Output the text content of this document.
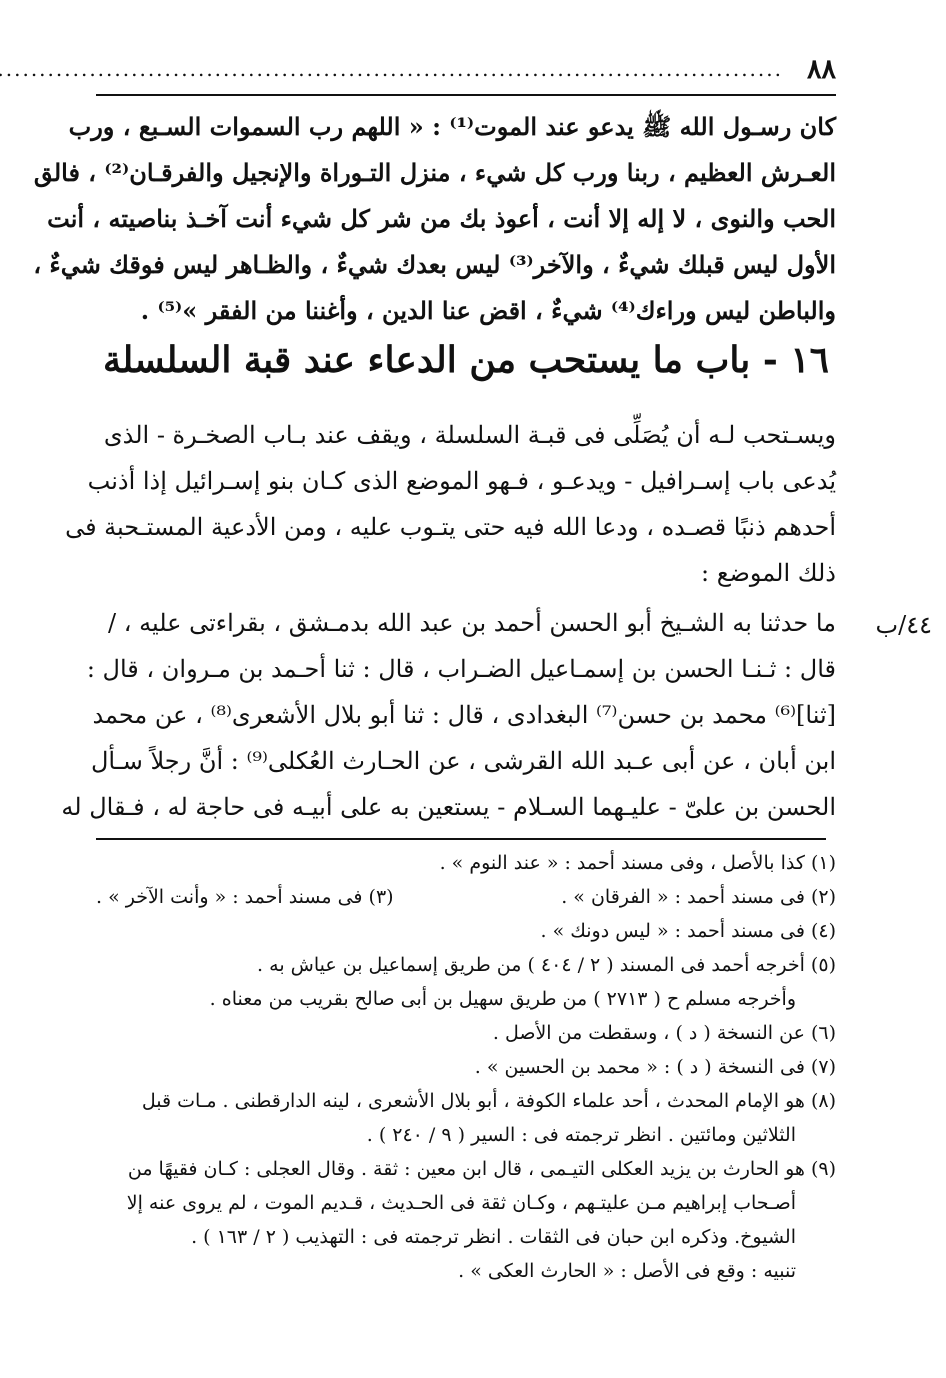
٨٨
.....
كان رسـول الله ﷺ يدعو عند الموت⁽¹⁾ : « اللهم رب السموات السـبع ، ورب
العـرش العظيم ، ربنا ورب كل شيء ، منزل التـوراة والإنجيل والفرقـان⁽²⁾ ، فالق
الحب والنوى ، لا إله إلا أنت ، أعوذ بك من شر كل شيء أنت آخـذ بناصيته ، أنت
الأول ليس قبلك شيءٌ ، والآخر⁽³⁾ ليس بعدك شيءٌ ، والظـاهر ليس فوقك شيءٌ ،
والباطن ليس وراءك⁽⁴⁾ شيءٌ ، اقض عنا الدين ، وأغننا من الفقر »⁽⁵⁾ .
١٦ - باب ما يستحب من الدعاء عند قبة السلسلة
ويسـتحب لـه أن يُصَلِّى فى قبـة السلسلة ، ويقف عند بـاب الصخـرة - الذى
يُدعى باب إسـرافيل - ويدعـو ، فـهو الموضع الذى كـان بنو إسـرائيل إذا أذنب
أحدهم ذنبًا قصـده ، ودعا الله فيه حتى يتـوب عليه ، ومن الأدعية المستـحبة فى
ذلك الموضع :
٤٤/ب
ما حدثنا به الشـيخ أبو الحسن أحمد بن عبد الله بدمـشق ، بقراءتى عليه ، /
قال : ثـنـا الحسن بن إسمـاعيل الضـراب ، قال : ثنا أحـمد بن مـروان ، قال :
[ثنا]⁽⁶⁾ محمد بن حسن⁽⁷⁾ البغدادى ، قال : ثنا أبو بلال الأشعرى⁽⁸⁾ ، عن محمد
ابن أبان ، عن أبى عـبد الله القرشى ، عن الحـارث العُكلى⁽⁹⁾ : أنَّ رجلاً سـأل
الحسن بن علىّ - عليـهما السـلام - يستعين به على أبيـه فى حاجة له ، فـقال له
(١) كذا بالأصل ، وفى مسند أحمد : « عند النوم » .
(٢) فى مسند أحمد : « الفرقان » .
(٣) فى مسند أحمد : « وأنت الآخر » .
(٤) فى مسند أحمد : « ليس دونك » .
(٥) أخرجه أحمد فى المسند ( ٢ / ٤٠٤ ) من طريق إسماعيل بن عياش به .
وأخرجه مسلم ح ( ٢٧١٣ ) من طريق سهيل بن أبى صالح بقريب من معناه .
(٦) عن النسخة ( د ) ، وسقطت من الأصل .
(٧) فى النسخة ( د ) : « محمد بن الحسين » .
(٨) هو الإمام المحدث ، أحد علماء الكوفة ، أبو بلال الأشعرى ، لينه الدارقطنى . مـات قبل
الثلاثين ومائتين . انظر ترجمته فى : السير ( ٩ / ٢٤٠ ) .
(٩) هو الحارث بن يزيد العكلى التيـمى ، قال ابن معين : ثقة . وقال العجلى : كـان فقيهًا من
أصـحاب إبراهيم مـن عليتـهم ، وكـان ثقة فى الحـديث ، قـديم الموت ، لم يروى عنه إلا
الشيوخ. وذكره ابن حبان فى الثقات . انظر ترجمته فى : التهذيب ( ٢ / ١٦٣ ) .
تنبيه : وقع فى الأصل : « الحارث العكى » .
